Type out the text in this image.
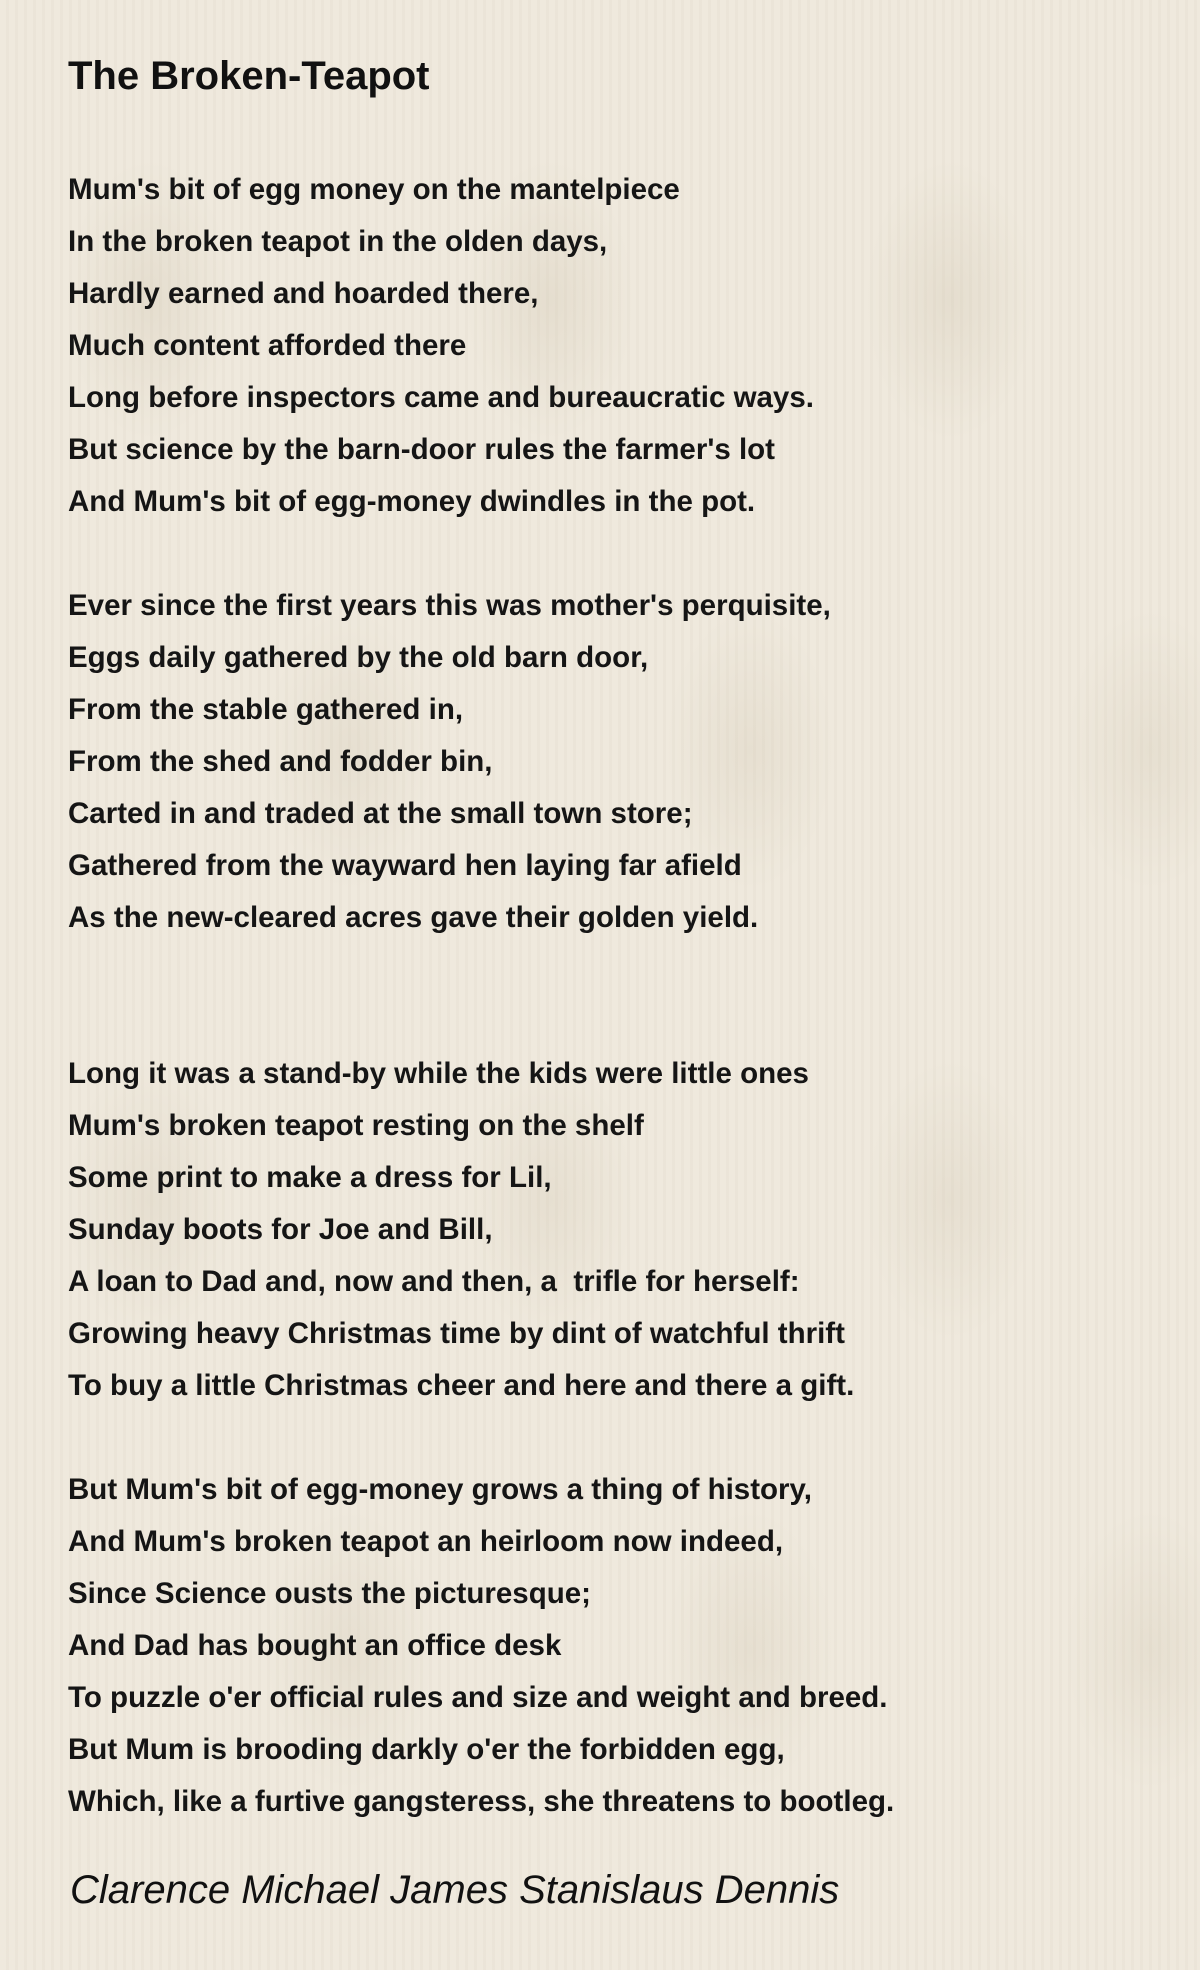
The Broken-Teapot
Mum's bit of egg money on the mantelpiece
In the broken teapot in the olden days,
Hardly earned and hoarded there,
Much content afforded there
Long before inspectors came and bureaucratic ways.
But science by the barn-door rules the farmer's lot
And Mum's bit of egg-money dwindles in the pot.
Ever since the first years this was mother's perquisite,
Eggs daily gathered by the old barn door,
From the stable gathered in,
From the shed and fodder bin,
Carted in and traded at the small town store;
Gathered from the wayward hen laying far afield
As the new-cleared acres gave their golden yield.
Long it was a stand-by while the kids were little ones
Mum's broken teapot resting on the shelf
Some print to make a dress for Lil,
Sunday boots for Joe and Bill,
A loan to Dad and, now and then, a  trifle for herself:
Growing heavy Christmas time by dint of watchful thrift
To buy a little Christmas cheer and here and there a gift.
But Mum's bit of egg-money grows a thing of history,
And Mum's broken teapot an heirloom now indeed,
Since Science ousts the picturesque;
And Dad has bought an office desk
To puzzle o'er official rules and size and weight and breed.
But Mum is brooding darkly o'er the forbidden egg,
Which, like a furtive gangsteress, she threatens to bootleg.
Clarence Michael James Stanislaus Dennis
